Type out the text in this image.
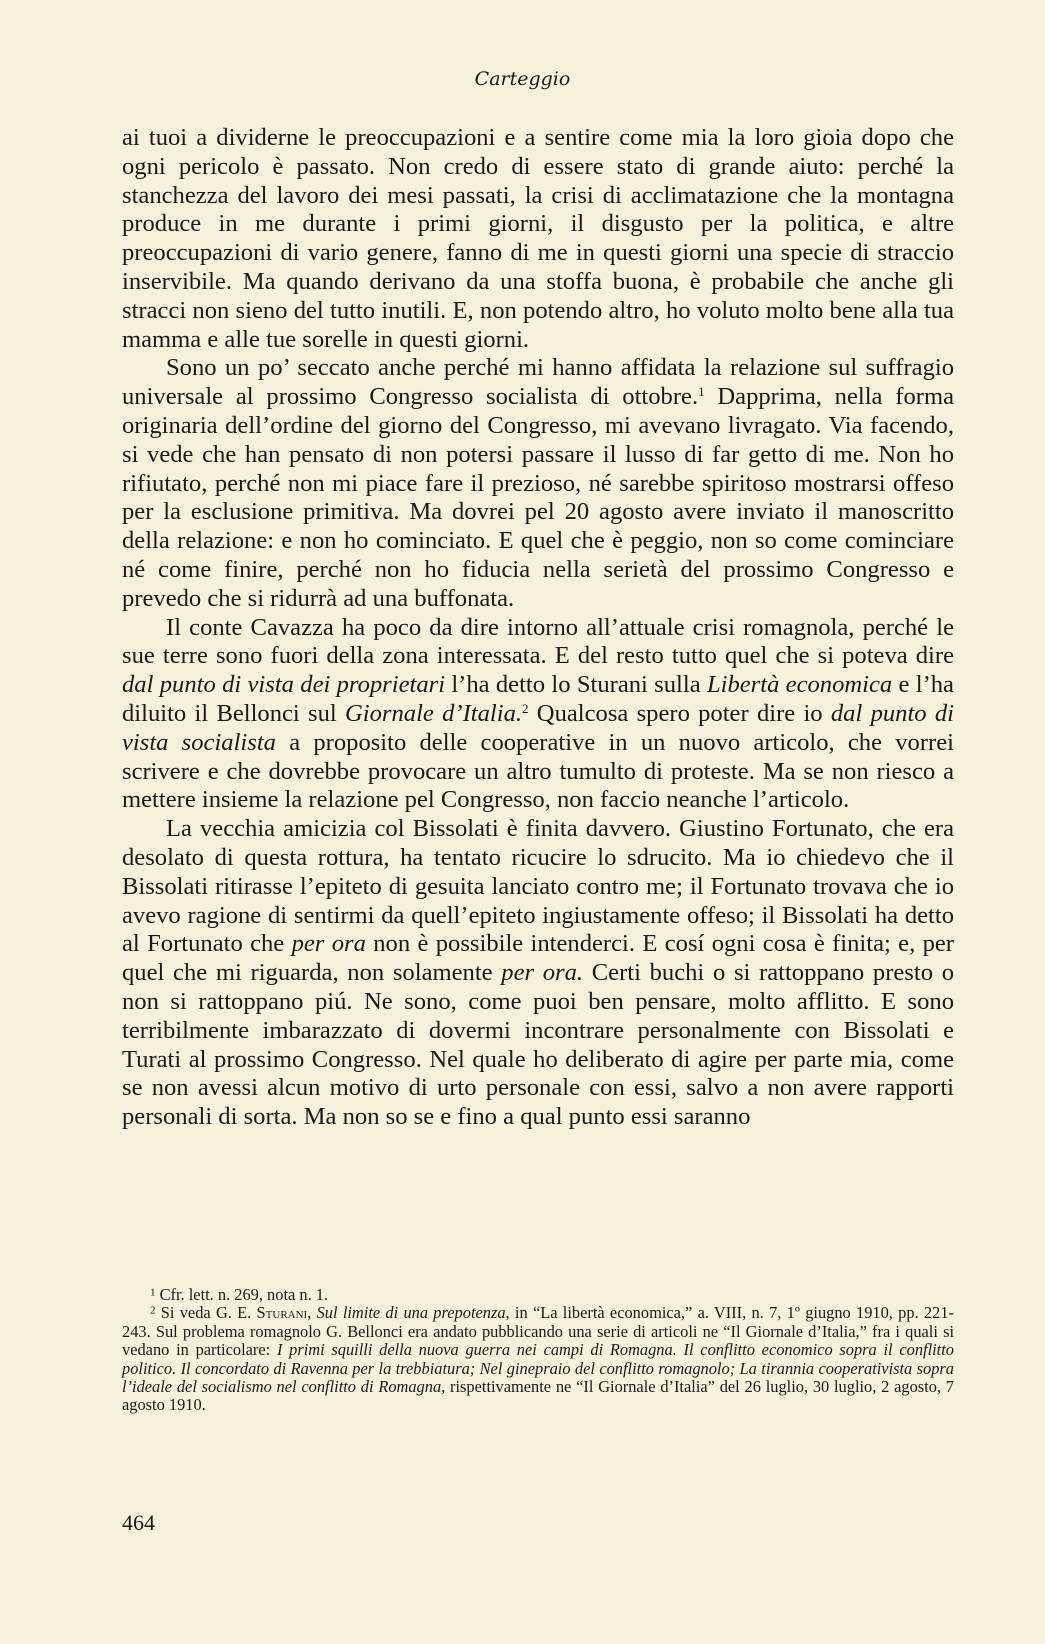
Carteggio

ai tuoi a dividerne le preoccupazioni e a sentire come mia la loro gioia dopo che ogni pericolo è passato. Non credo di essere stato di grande aiuto: perché la stanchezza del lavoro dei mesi passati, la crisi di acclimatazione che la montagna produce in me durante i primi giorni, il disgusto per la politica, e altre preoccupazioni di vario genere, fanno di me in questi giorni una specie di straccio inservibile. Ma quando derivano da una stoffa buona, è probabile che anche gli stracci non sieno del tutto inutili. E, non potendo altro, ho voluto molto bene alla tua mamma e alle tue sorelle in questi giorni.

Sono un po’ seccato anche perché mi hanno affidata la relazione sul suffragio universale al prossimo Congresso socialista di ottobre.$^1$ Dapprima, nella forma originaria dell’ordine del giorno del Congresso, mi avevano livragato. Via facendo, si vede che han pensato di non potersi passare il lusso di far getto di me. Non ho rifiutato, perché non mi piace fare il prezioso, né sarebbe spiritoso mostrarsi offeso per la esclusione primitiva. Ma dovrei pel 20 agosto avere inviato il manoscritto della relazione: e non ho cominciato. E quel che è peggio, non so come cominciare né come finire, perché non ho fiducia nella serietà del prossimo Congresso e prevedo che si ridurrà ad una buffonata.

Il conte Cavazza ha poco da dire intorno all’attuale crisi romagnola, perché le sue terre sono fuori della zona interessata. E del resto tutto quel che si poteva dire dal punto di vista dei proprietari l’ha detto lo Sturani sulla Libertà economica e l’ha diluito il Bellonci sul Giornale d’Italia.$^2$ Qualcosa spero poter dire io dal punto di vista socialista a proposito delle cooperative in un nuovo articolo, che vorrei scrivere e che dovrebbe provocare un altro tumulto di proteste. Ma se non riesco a mettere insieme la relazione pel Congresso, non faccio neanche l’articolo.

La vecchia amicizia col Bissolati è finita davvero. Giustino Fortunato, che era desolato di questa rottura, ha tentato ricucire lo sdrucito. Ma io chiedevo che il Bissolati ritirasse l’epiteto di gesuita lanciato contro me; il Fortunato trovava che io avevo ragione di sentirmi da quell’epiteto ingiustamente offeso; il Bissolati ha detto al Fortunato che per ora non è possibile intenderci. E cosí ogni cosa è finita; e, per quel che mi riguarda, non solamente per ora. Certi buchi o si rattoppano presto o non si rattoppano piú. Ne sono, come puoi ben pensare, molto afflitto. E sono terribilmente imbarazzato di dovermi incontrare personalmente con Bissolati e Turati al prossimo Congresso. Nel quale ho deliberato di agire per parte mia, come se non avessi alcun motivo di urto personale con essi, salvo a non avere rapporti personali di sorta. Ma non so se e fino a qual punto essi saranno

$^1$ Cfr. lett. n. 269, nota n. 1.

$^2$ Si veda G. E. Sturani, Sul limite di una prepotenza, in “La libertà economica,” a. VIII, n. 7, 1º giugno 1910, pp. 221-243. Sul problema romagnolo G. Bellonci era andato pubblicando una serie di articoli ne “Il Giornale d’Italia,” fra i quali si vedano in particolare: I primi squilli della nuova guerra nei campi di Romagna. Il conflitto economico sopra il conflitto politico. Il concordato di Ravenna per la trebbiatura; Nel ginepraio del conflitto romagnolo; La tirannia cooperativista sopra l’ideale del socialismo nel conflitto di Romagna, rispettivamente ne “Il Giornale d’Italia” del 26 luglio, 30 luglio, 2 agosto, 7 agosto 1910.

464
